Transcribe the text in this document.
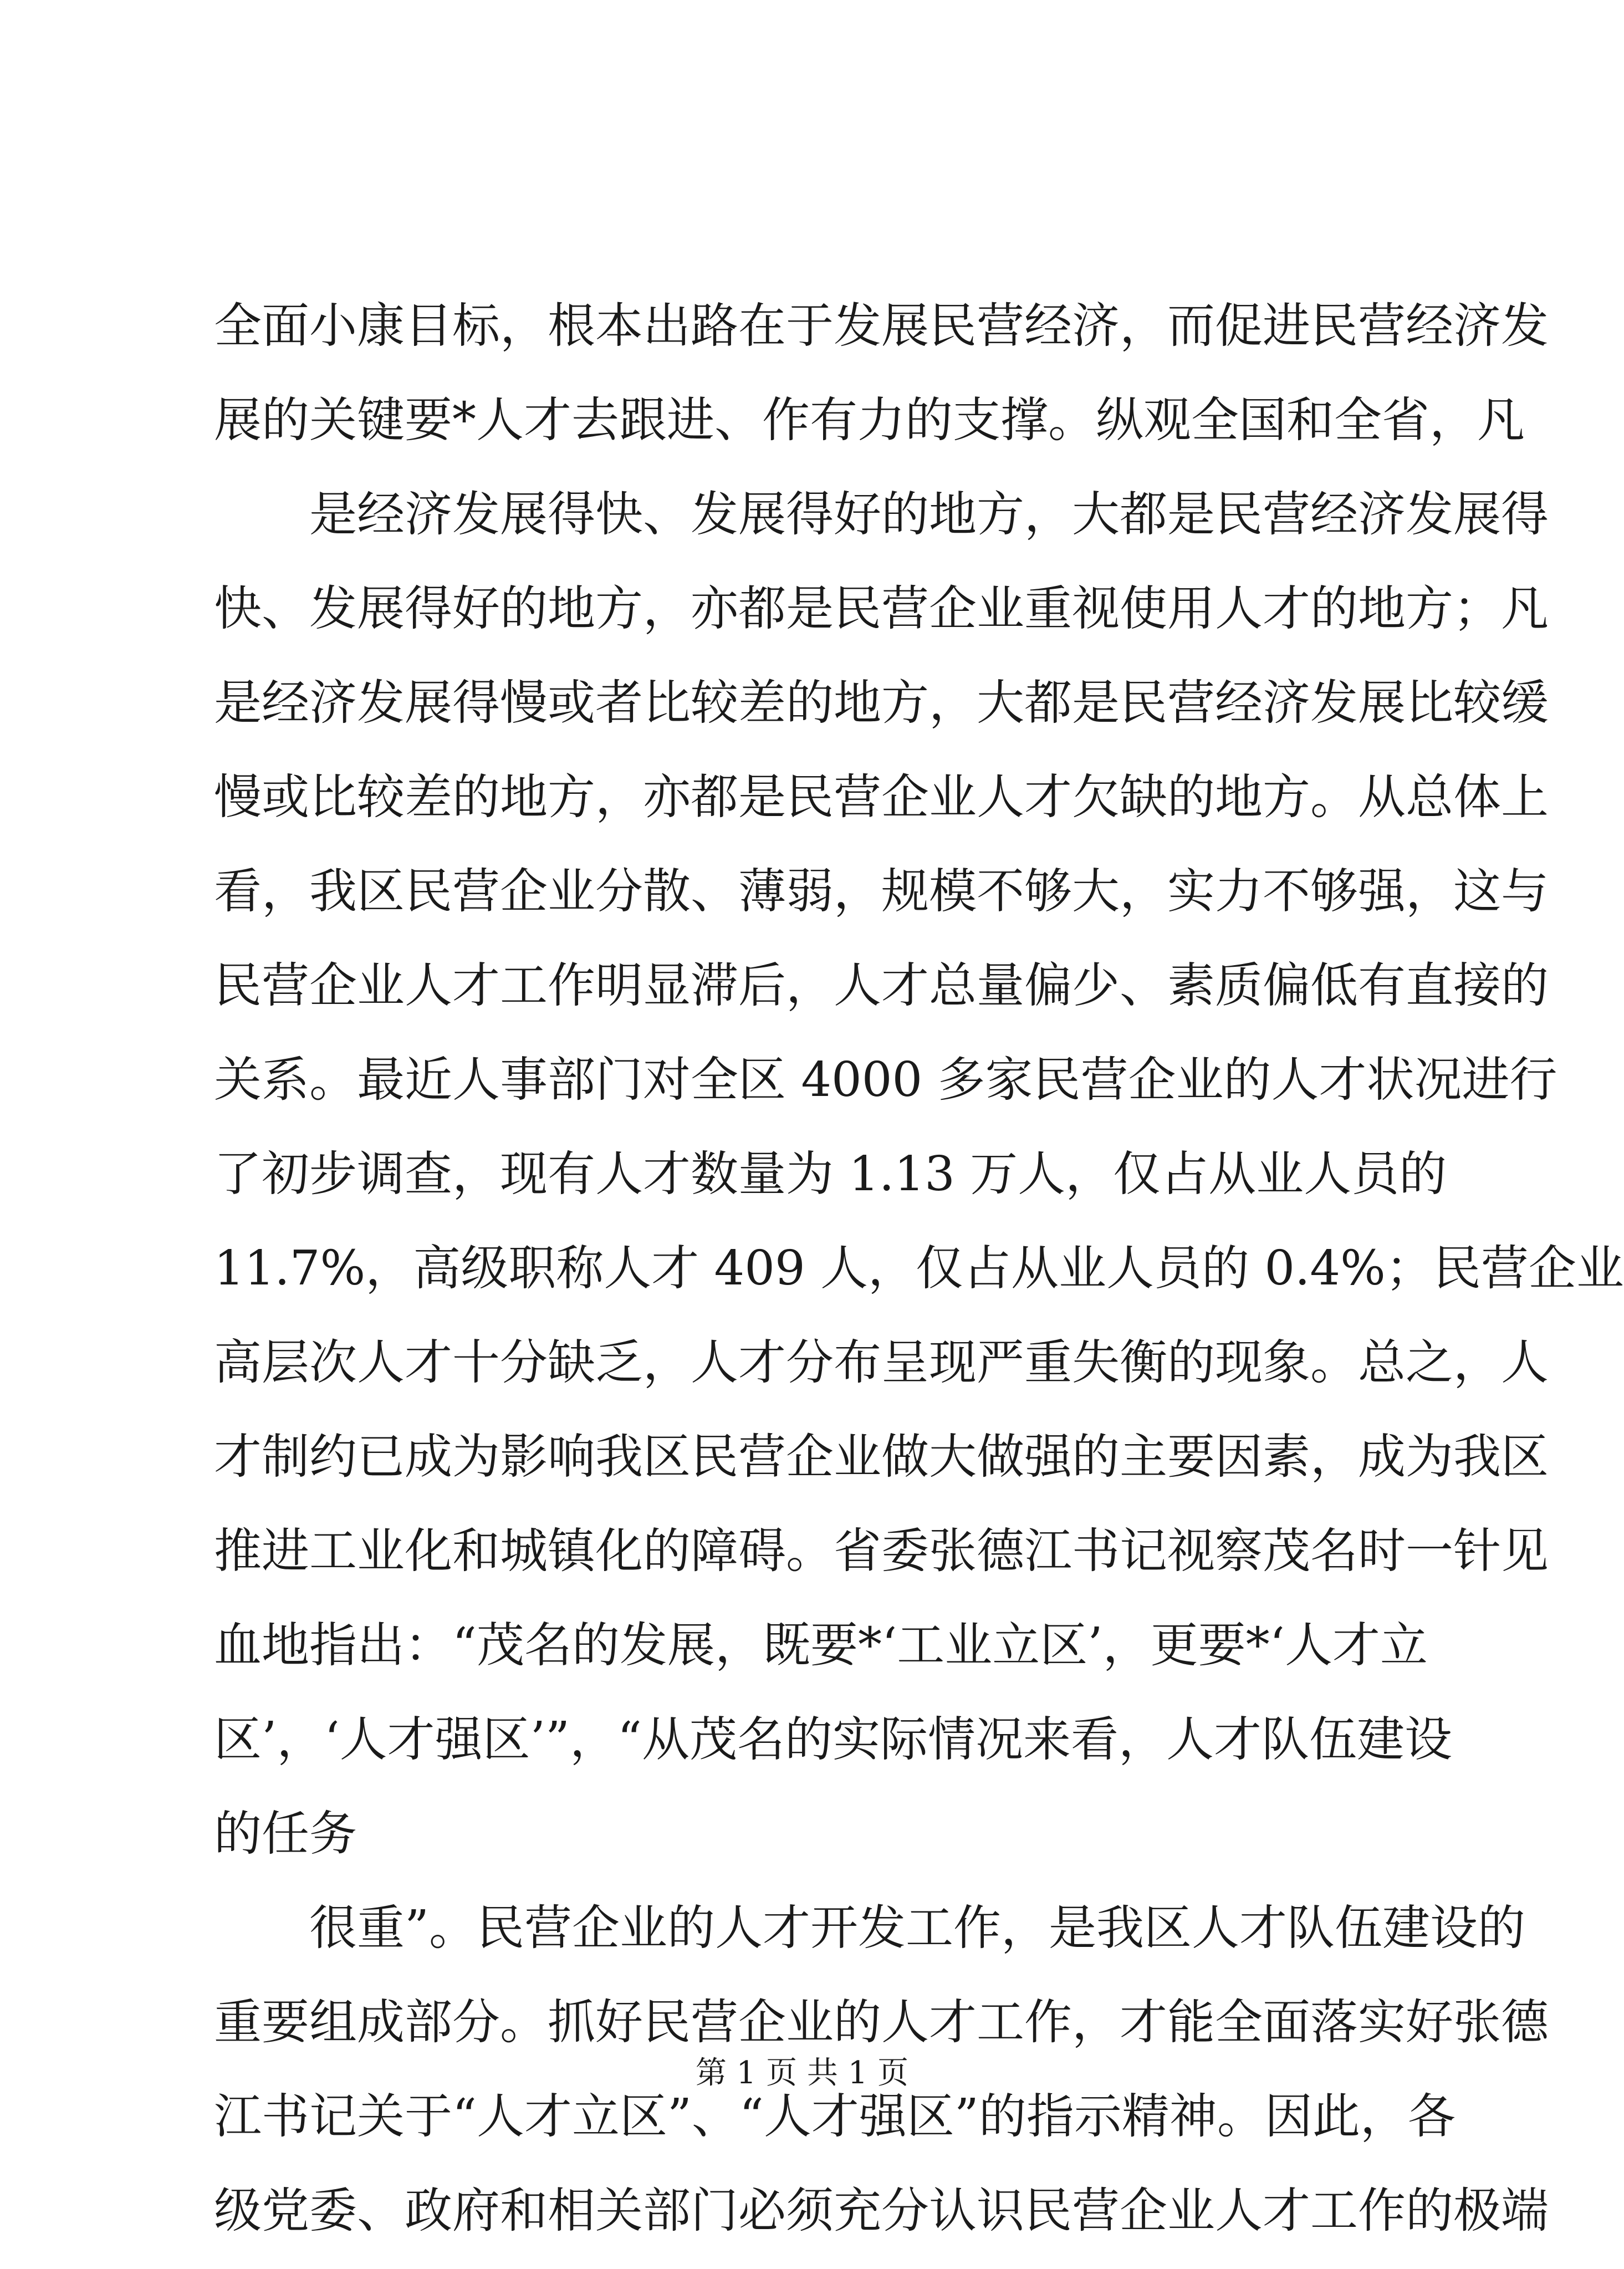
全面小康目标，根本出路在于发展民营经济，而促进民营经济发
展的关键要*人才去跟进、作有力的支撑。纵观全国和全省，凡
是经济发展得快、发展得好的地方，大都是民营经济发展得
快、发展得好的地方，亦都是民营企业重视使用人才的地方；凡
是经济发展得慢或者比较差的地方，大都是民营经济发展比较缓
慢或比较差的地方，亦都是民营企业人才欠缺的地方。从总体上
看，我区民营企业分散、薄弱，规模不够大，实力不够强，这与
民营企业人才工作明显滞后，人才总量偏少、素质偏低有直接的
关系。最近人事部门对全区 4000 多家民营企业的人才状况进行
了初步调查，现有人才数量为 1.13 万人，仅占从业人员的
11.7%，高级职称人才 409 人，仅占从业人员的 0.4%；民营企业
高层次人才十分缺乏，人才分布呈现严重失衡的现象。总之，人
才制约已成为影响我区民营企业做大做强的主要因素，成为我区
推进工业化和城镇化的障碍。省委张德江书记视察茂名时一针见
血地指出：“茂名的发展，既要*‘工业立区’，更要*‘人才立
区’，‘人才强区’”，“从茂名的实际情况来看，人才队伍建设
的任务
很重”。民营企业的人才开发工作，是我区人才队伍建设的
重要组成部分。抓好民营企业的人才工作，才能全面落实好张德
江书记关于“人才立区”、“人才强区”的指示精神。因此，各
级党委、政府和相关部门必须充分认识民营企业人才工作的极端
第 1 页 共 1 页
